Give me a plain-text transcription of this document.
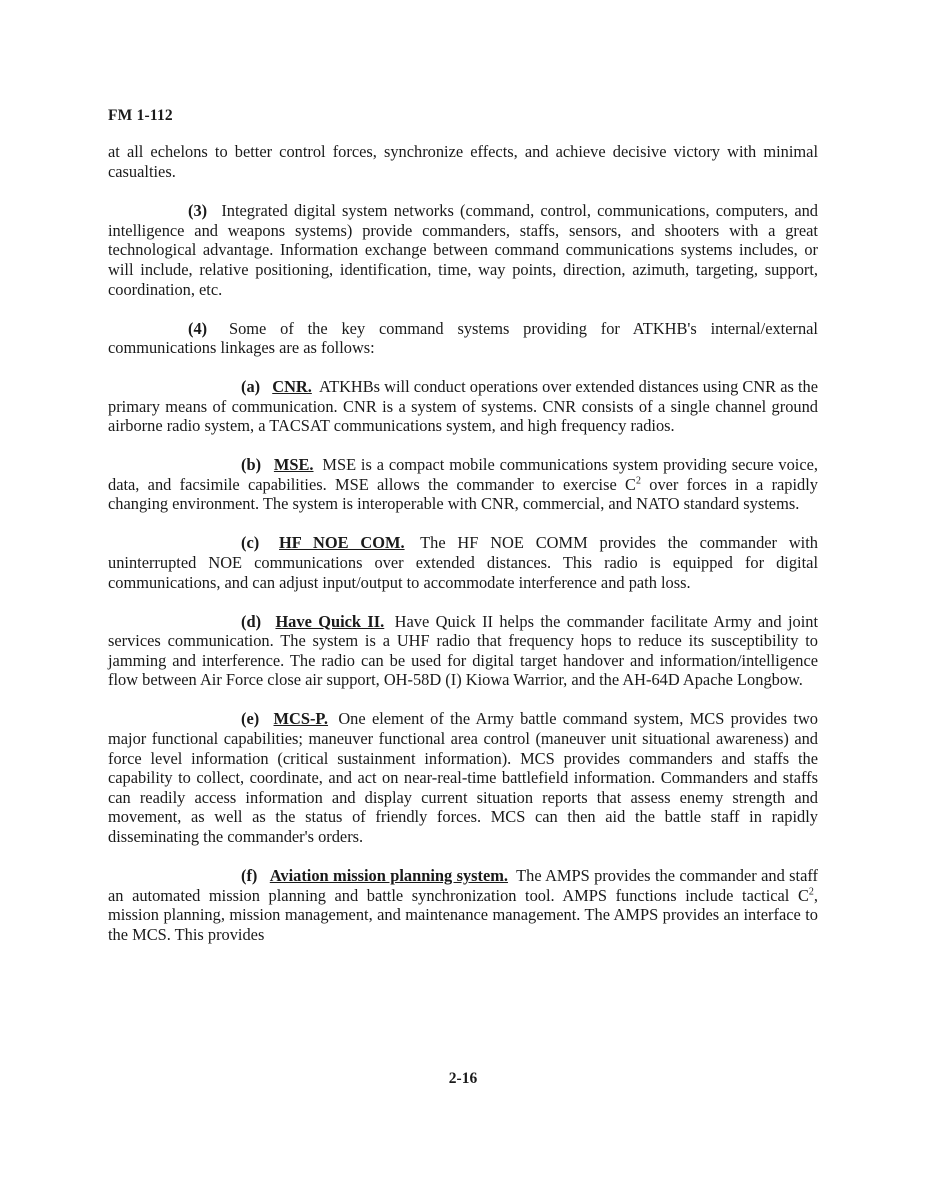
FM 1-112

at all echelons to better control forces, synchronize effects, and achieve decisive victory with minimal casualties.

(3) Integrated digital system networks (command, control, communications, computers, and intelligence and weapons systems) provide commanders, staffs, sensors, and shooters with a great technological advantage. Information exchange between command communications systems includes, or will include, relative positioning, identification, time, way points, direction, azimuth, targeting, support, coordination, etc.

(4) Some of the key command systems providing for ATKHB's internal/external communications linkages are as follows:

(a) CNR. ATKHBs will conduct operations over extended distances using CNR as the primary means of communication. CNR is a system of systems. CNR consists of a single channel ground airborne radio system, a TACSAT communications system, and high frequency radios.

(b) MSE. MSE is a compact mobile communications system providing secure voice, data, and facsimile capabilities. MSE allows the commander to exercise $C^2$ over forces in a rapidly changing environment. The system is interoperable with CNR, commercial, and NATO standard systems.

(c) HF NOE COM. The HF NOE COMM provides the commander with uninterrupted NOE communications over extended distances. This radio is equipped for digital communications, and can adjust input/output to accommodate interference and path loss.

(d) Have Quick II. Have Quick II helps the commander facilitate Army and joint services communication. The system is a UHF radio that frequency hops to reduce its susceptibility to jamming and interference. The radio can be used for digital target handover and information/intelligence flow between Air Force close air support, OH-58D (I) Kiowa Warrior, and the AH-64D Apache Longbow.

(e) MCS-P. One element of the Army battle command system, MCS provides two major functional capabilities; maneuver functional area control (maneuver unit situational awareness) and force level information (critical sustainment information). MCS provides commanders and staffs the capability to collect, coordinate, and act on near-real-time battlefield information. Commanders and staffs can readily access information and display current situation reports that assess enemy strength and movement, as well as the status of friendly forces. MCS can then aid the battle staff in rapidly disseminating the commander's orders.

(f) Aviation mission planning system. The AMPS provides the commander and staff an automated mission planning and battle synchronization tool. AMPS functions include tactical $C^2$, mission planning, mission management, and maintenance management. The AMPS provides an interface to the MCS. This provides

2-16
